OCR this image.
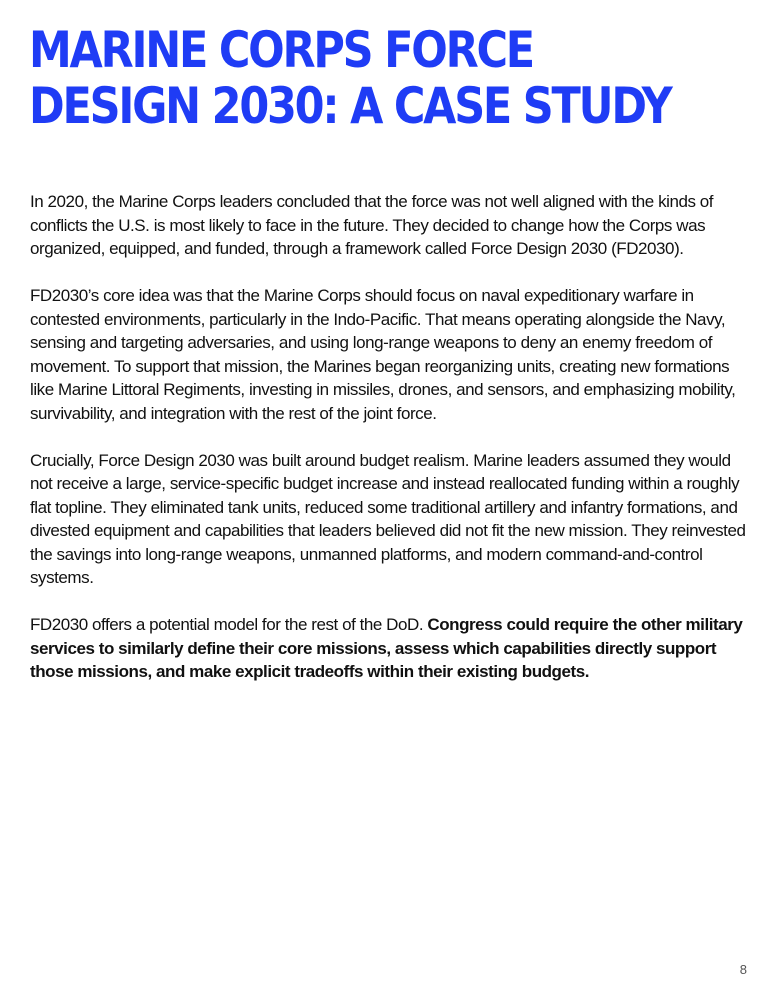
MARINE CORPS FORCE
DESIGN 2030: A CASE STUDY

In 2020, the Marine Corps leaders concluded that the force was not well aligned with the kinds of conflicts the U.S. is most likely to face in the future. They decided to change how the Corps was organized, equipped, and funded, through a framework called Force Design 2030 (FD2030).

FD2030’s core idea was that the Marine Corps should focus on naval expeditionary warfare in contested environments, particularly in the Indo-Pacific. That means operating alongside the Navy, sensing and targeting adversaries, and using long-range weapons to deny an enemy freedom of movement. To support that mission, the Marines began reorganizing units, creating new formations like Marine Littoral Regiments, investing in missiles, drones, and sensors, and emphasizing mobility, survivability, and integration with the rest of the joint force.

Crucially, Force Design 2030 was built around budget realism. Marine leaders assumed they would not receive a large, service-specific budget increase and instead reallocated funding within a roughly flat topline. They eliminated tank units, reduced some traditional artillery and infantry formations, and divested equipment and capabilities that leaders believed did not fit the new mission. They reinvested the savings into long-range weapons, unmanned platforms, and modern command-and-control systems.

FD2030 offers a potential model for the rest of the DoD. Congress could require the other military services to similarly define their core missions, assess which capabilities directly support those missions, and make explicit tradeoffs within their existing budgets.

8
